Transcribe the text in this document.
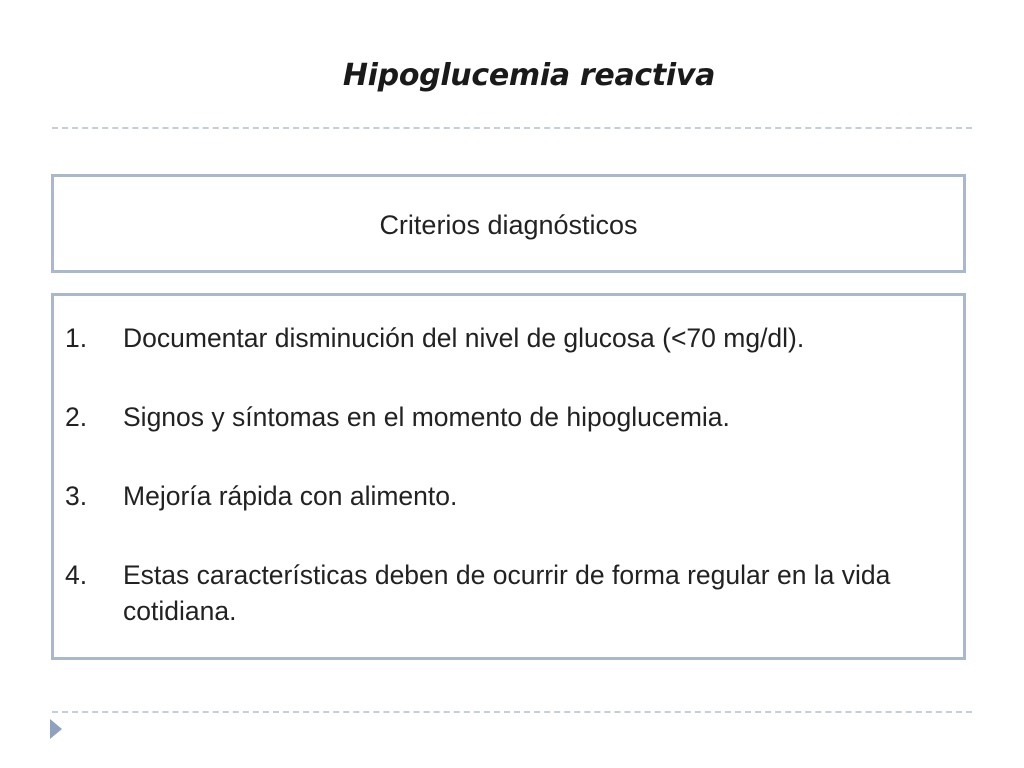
Hipoglucemia reactiva
Criterios diagnósticos
1.	Documentar disminución del nivel de glucosa (<70 mg/dl).
2.	Signos y síntomas en el momento de hipoglucemia.
3.	Mejoría rápida con alimento.
4.	Estas características deben de ocurrir de forma regular en la vida cotidiana.
